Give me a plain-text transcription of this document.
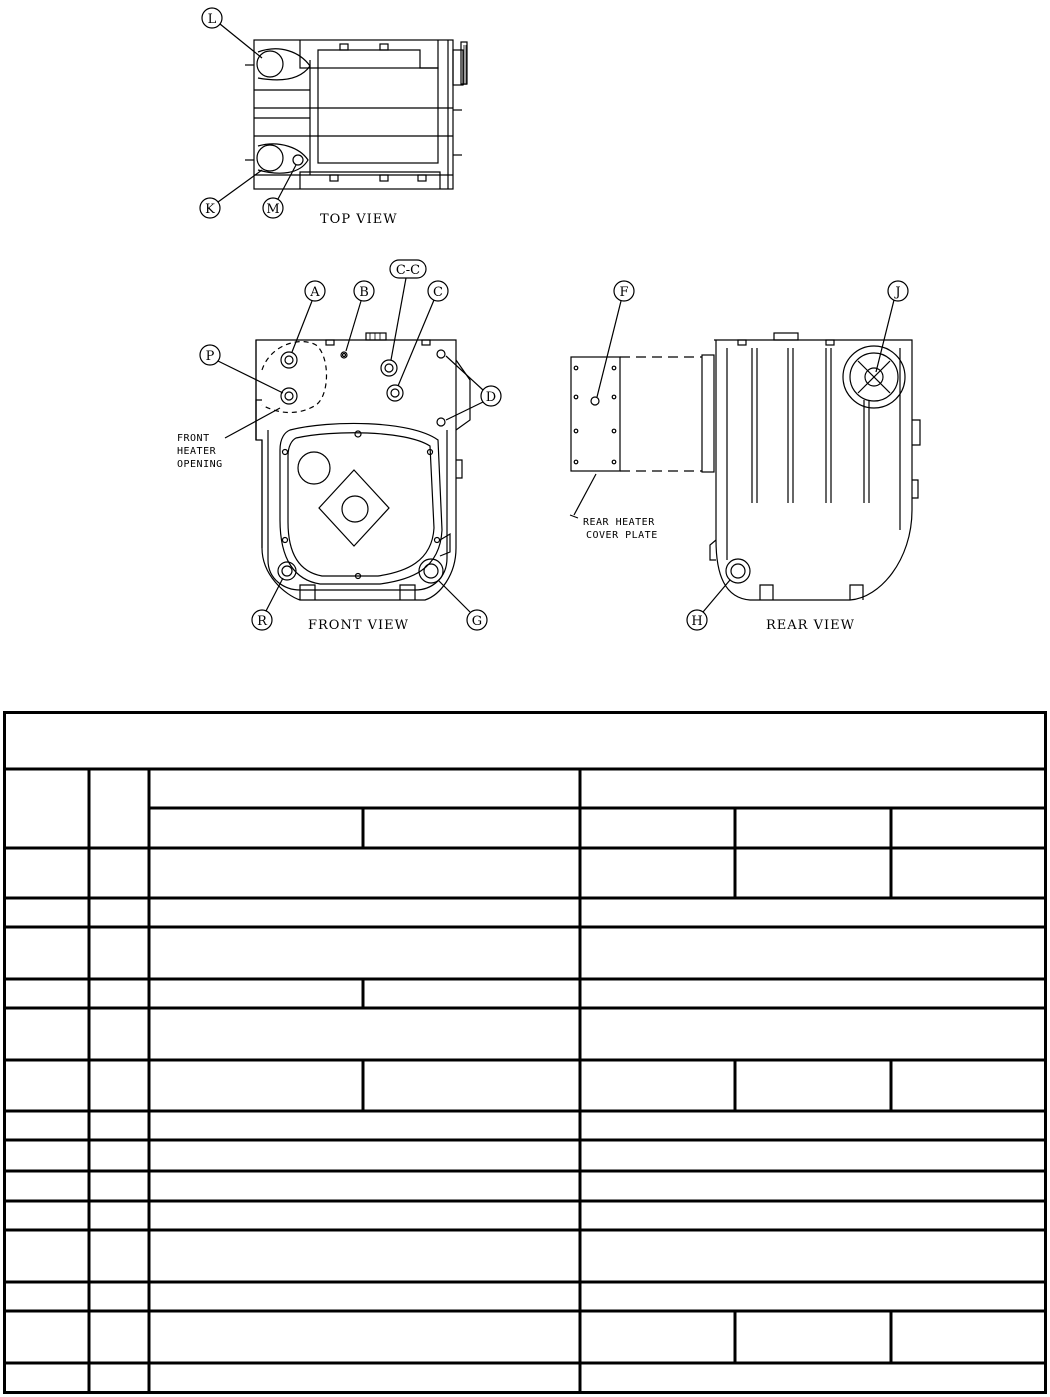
L
K	M
A	B
C-C
C
D
P
R	G
F	J
H
TOP VIEW
FRONT VIEW	REAR VIEW
FRONT
HEATER
OPENING
REAR HEATER
COVER PLATE
